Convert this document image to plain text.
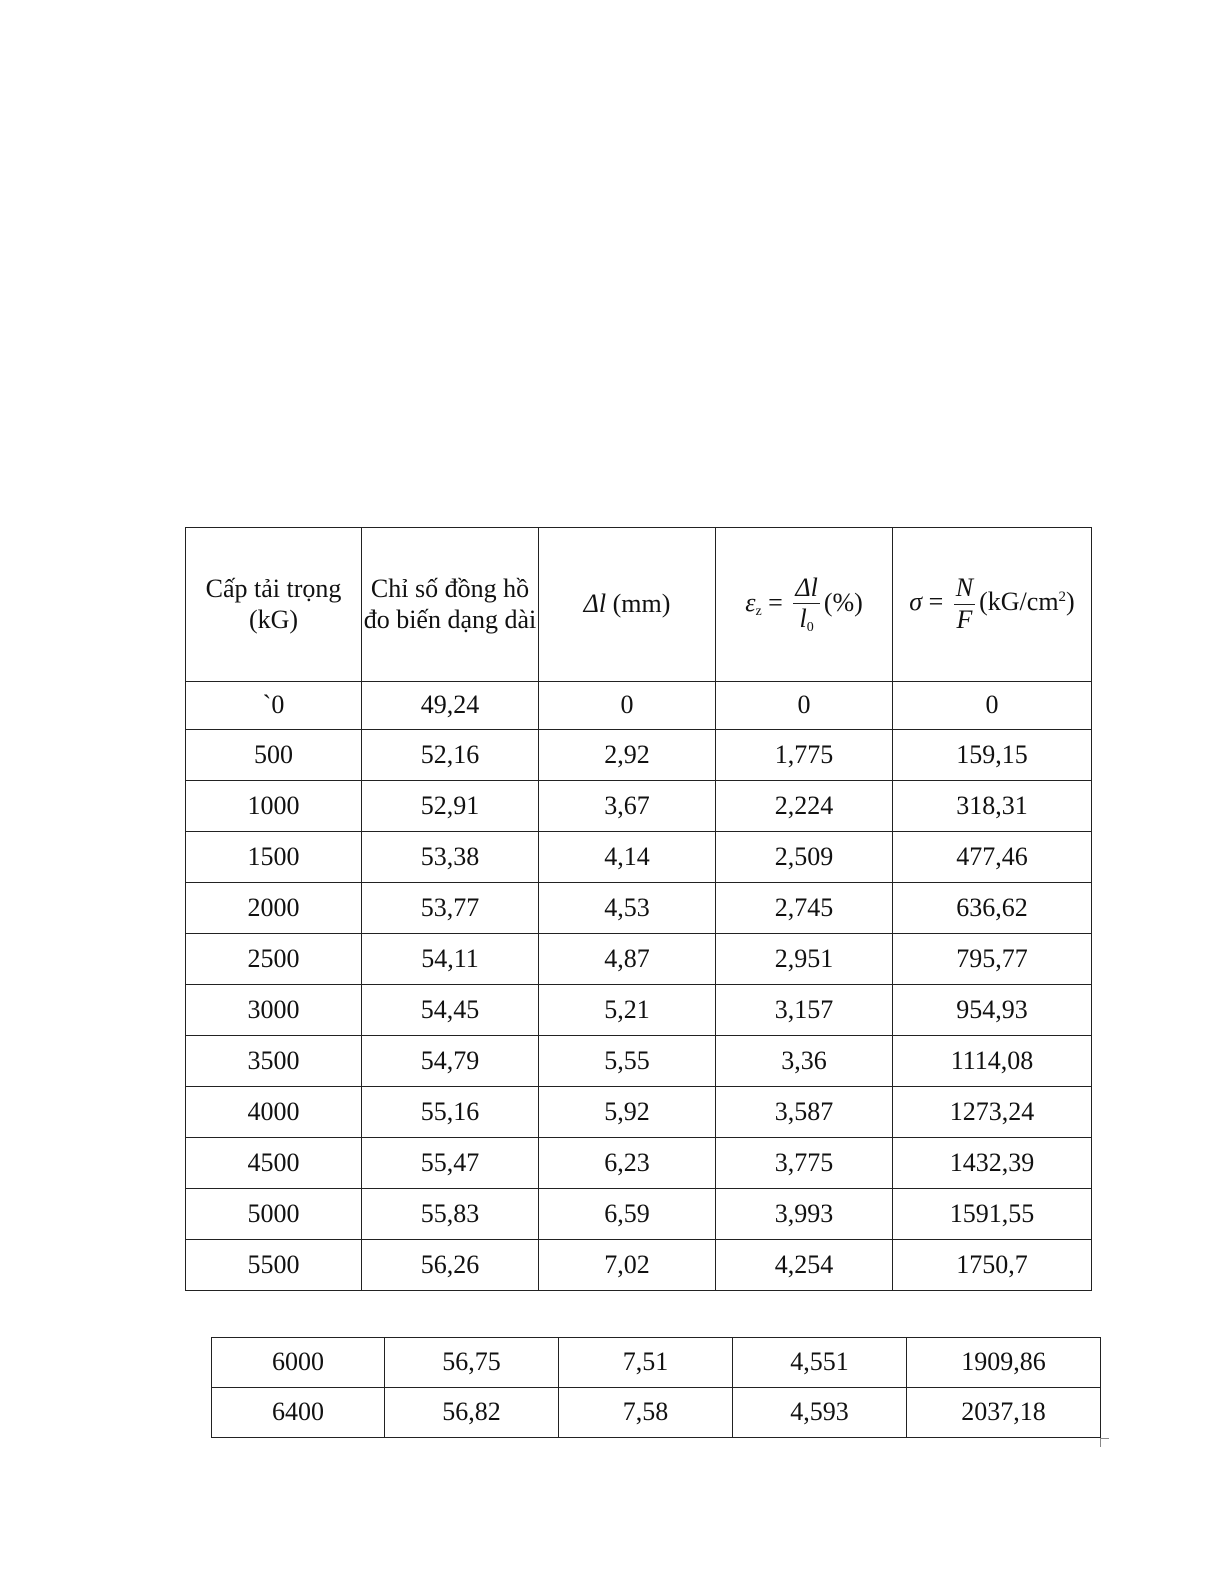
Cấp tải trọng (kG)	Chỉ số đồng hồ đo biến dạng dài	Δl (mm)	$\varepsilon_z = \frac{\Delta l}{l_0}$ (%)	$\sigma = \frac{N}{F} (kG/cm^2)$
`0	49,24	0	0	0
500	52,16	2,92	1,775	159,15
1000	52,91	3,67	2,224	318,31
1500	53,38	4,14	2,509	477,46
2000	53,77	4,53	2,745	636,62
2500	54,11	4,87	2,951	795,77
3000	54,45	5,21	3,157	954,93
3500	54,79	5,55	3,36	1114,08
4000	55,16	5,92	3,587	1273,24
4500	55,47	6,23	3,775	1432,39
5000	55,83	6,59	3,993	1591,55
5500	56,26	7,02	4,254	1750,7
6000	56,75	7,51	4,551	1909,86
6400	56,82	7,58	4,593	2037,18
